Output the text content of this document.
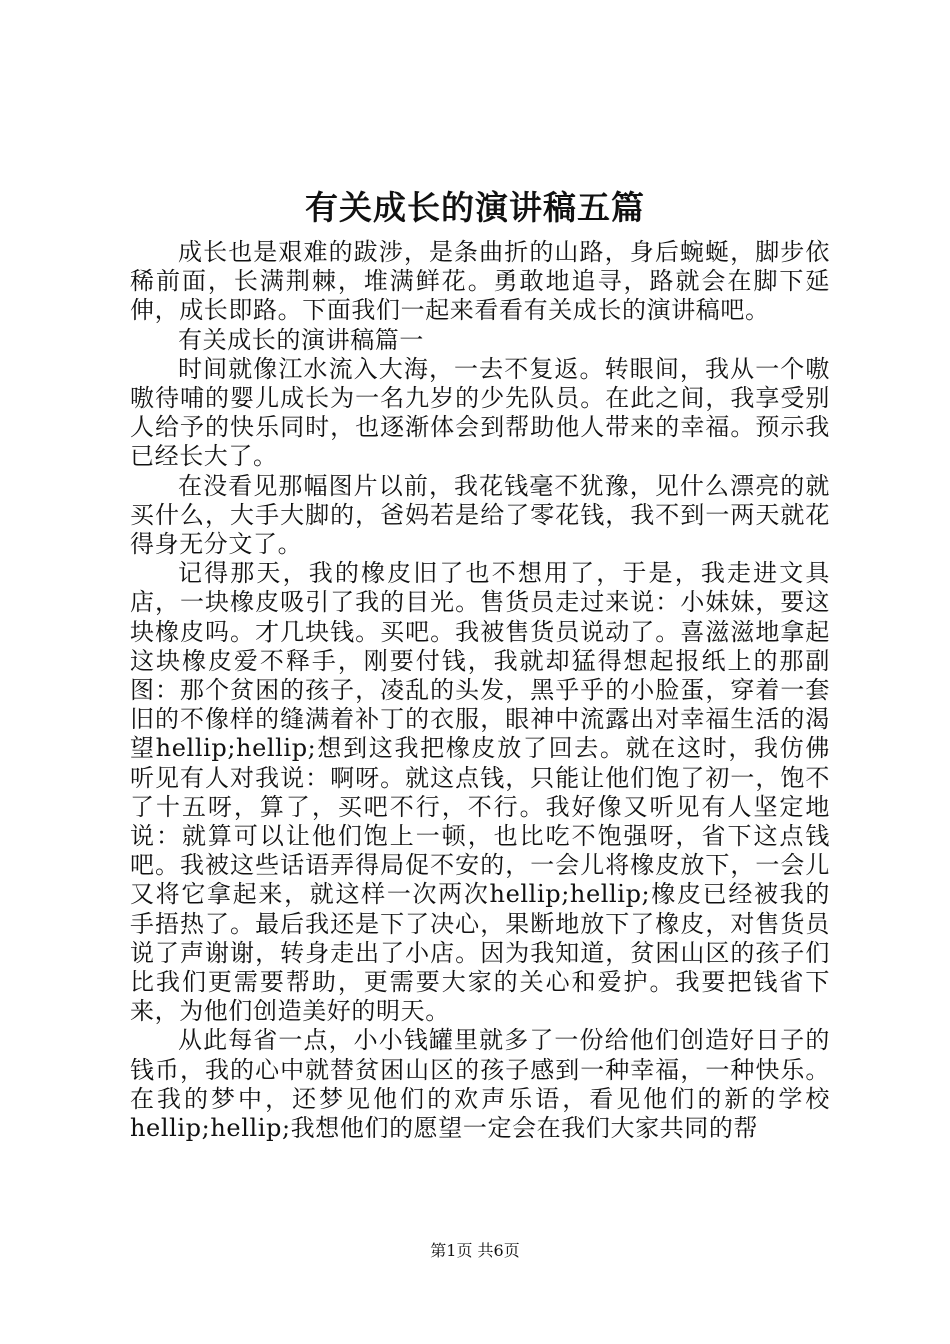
有关成长的演讲稿五篇

成长也是艰难的跋涉，是条曲折的山路，身后蜿蜒，脚步依稀前面，长满荆棘，堆满鲜花。勇敢地追寻，路就会在脚下延伸，成长即路。下面我们一起来看看有关成长的演讲稿吧。

有关成长的演讲稿篇一

时间就像江水流入大海，一去不复返。转眼间，我从一个嗷嗷待哺的婴儿成长为一名九岁的少先队员。在此之间，我享受别人给予的快乐同时，也逐渐体会到帮助他人带来的幸福。预示我已经长大了。

在没看见那幅图片以前，我花钱毫不犹豫，见什么漂亮的就买什么，大手大脚的，爸妈若是给了零花钱，我不到一两天就花得身无分文了。

记得那天，我的橡皮旧了也不想用了，于是，我走进文具店，一块橡皮吸引了我的目光。售货员走过来说：小妹妹，要这块橡皮吗。才几块钱。买吧。我被售货员说动了。喜滋滋地拿起这块橡皮爱不释手，刚要付钱，我就却猛得想起报纸上的那副图：那个贫困的孩子，凌乱的头发，黑乎乎的小脸蛋，穿着一套旧的不像样的缝满着补丁的衣服，眼神中流露出对幸福生活的渴望hellip;hellip;想到这我把橡皮放了回去。就在这时，我仿佛听见有人对我说：啊呀。就这点钱，只能让他们饱了初一，饱不了十五呀，算了，买吧不行，不行。我好像又听见有人坚定地说：就算可以让他们饱上一顿，也比吃不饱强呀，省下这点钱吧。我被这些话语弄得局促不安的，一会儿将橡皮放下，一会儿又将它拿起来，就这样一次两次hellip;hellip;橡皮已经被我的手捂热了。最后我还是下了决心，果断地放下了橡皮，对售货员说了声谢谢，转身走出了小店。因为我知道，贫困山区的孩子们比我们更需要帮助，更需要大家的关心和爱护。我要把钱省下来，为他们创造美好的明天。

从此每省一点，小小钱罐里就多了一份给他们创造好日子的钱币，我的心中就替贫困山区的孩子感到一种幸福，一种快乐。在我的梦中，还梦见他们的欢声乐语，看见他们的新的学校hellip;hellip;我想他们的愿望一定会在我们大家共同的帮

第1页 共6页
